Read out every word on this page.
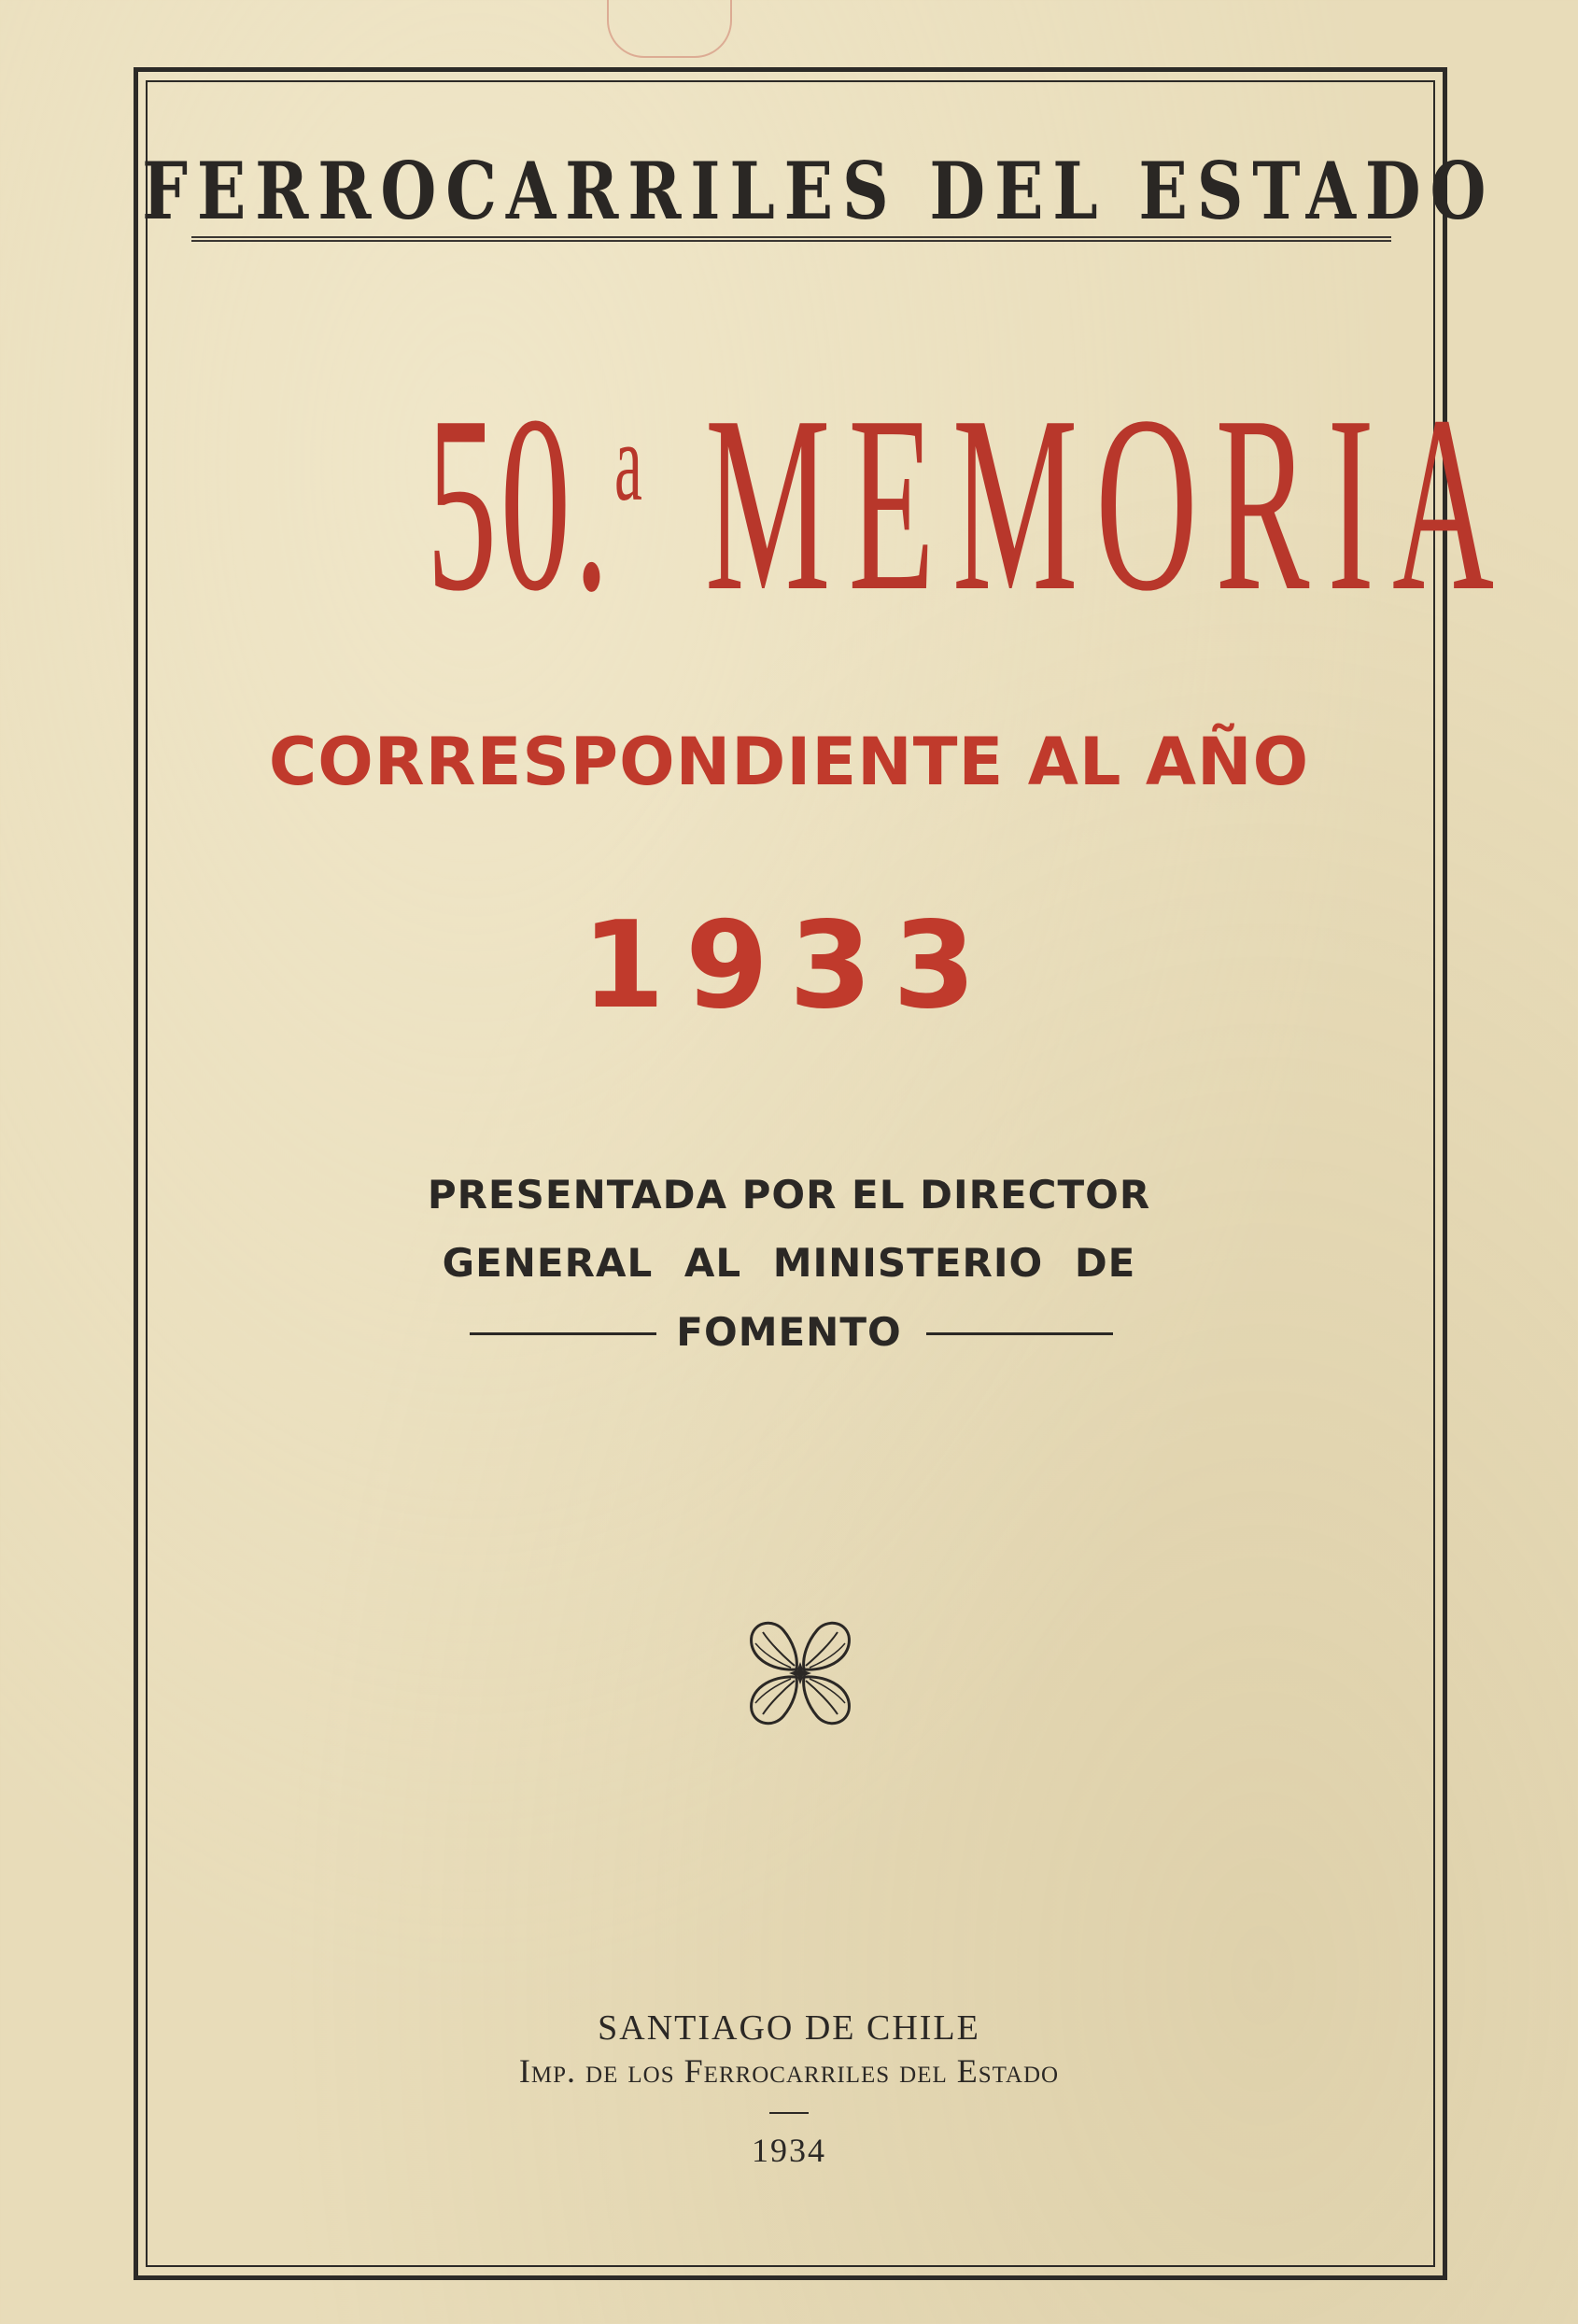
FERROCARRILES DEL ESTADO
50.a MEMORIA
CORRESPONDIENTE AL AÑO
1933
PRESENTADA POR EL DIRECTOR
GENERAL AL MINISTERIO DE
FOMENTO
SANTIAGO DE CHILE
Imp. de los Ferrocarriles del Estado
1934
